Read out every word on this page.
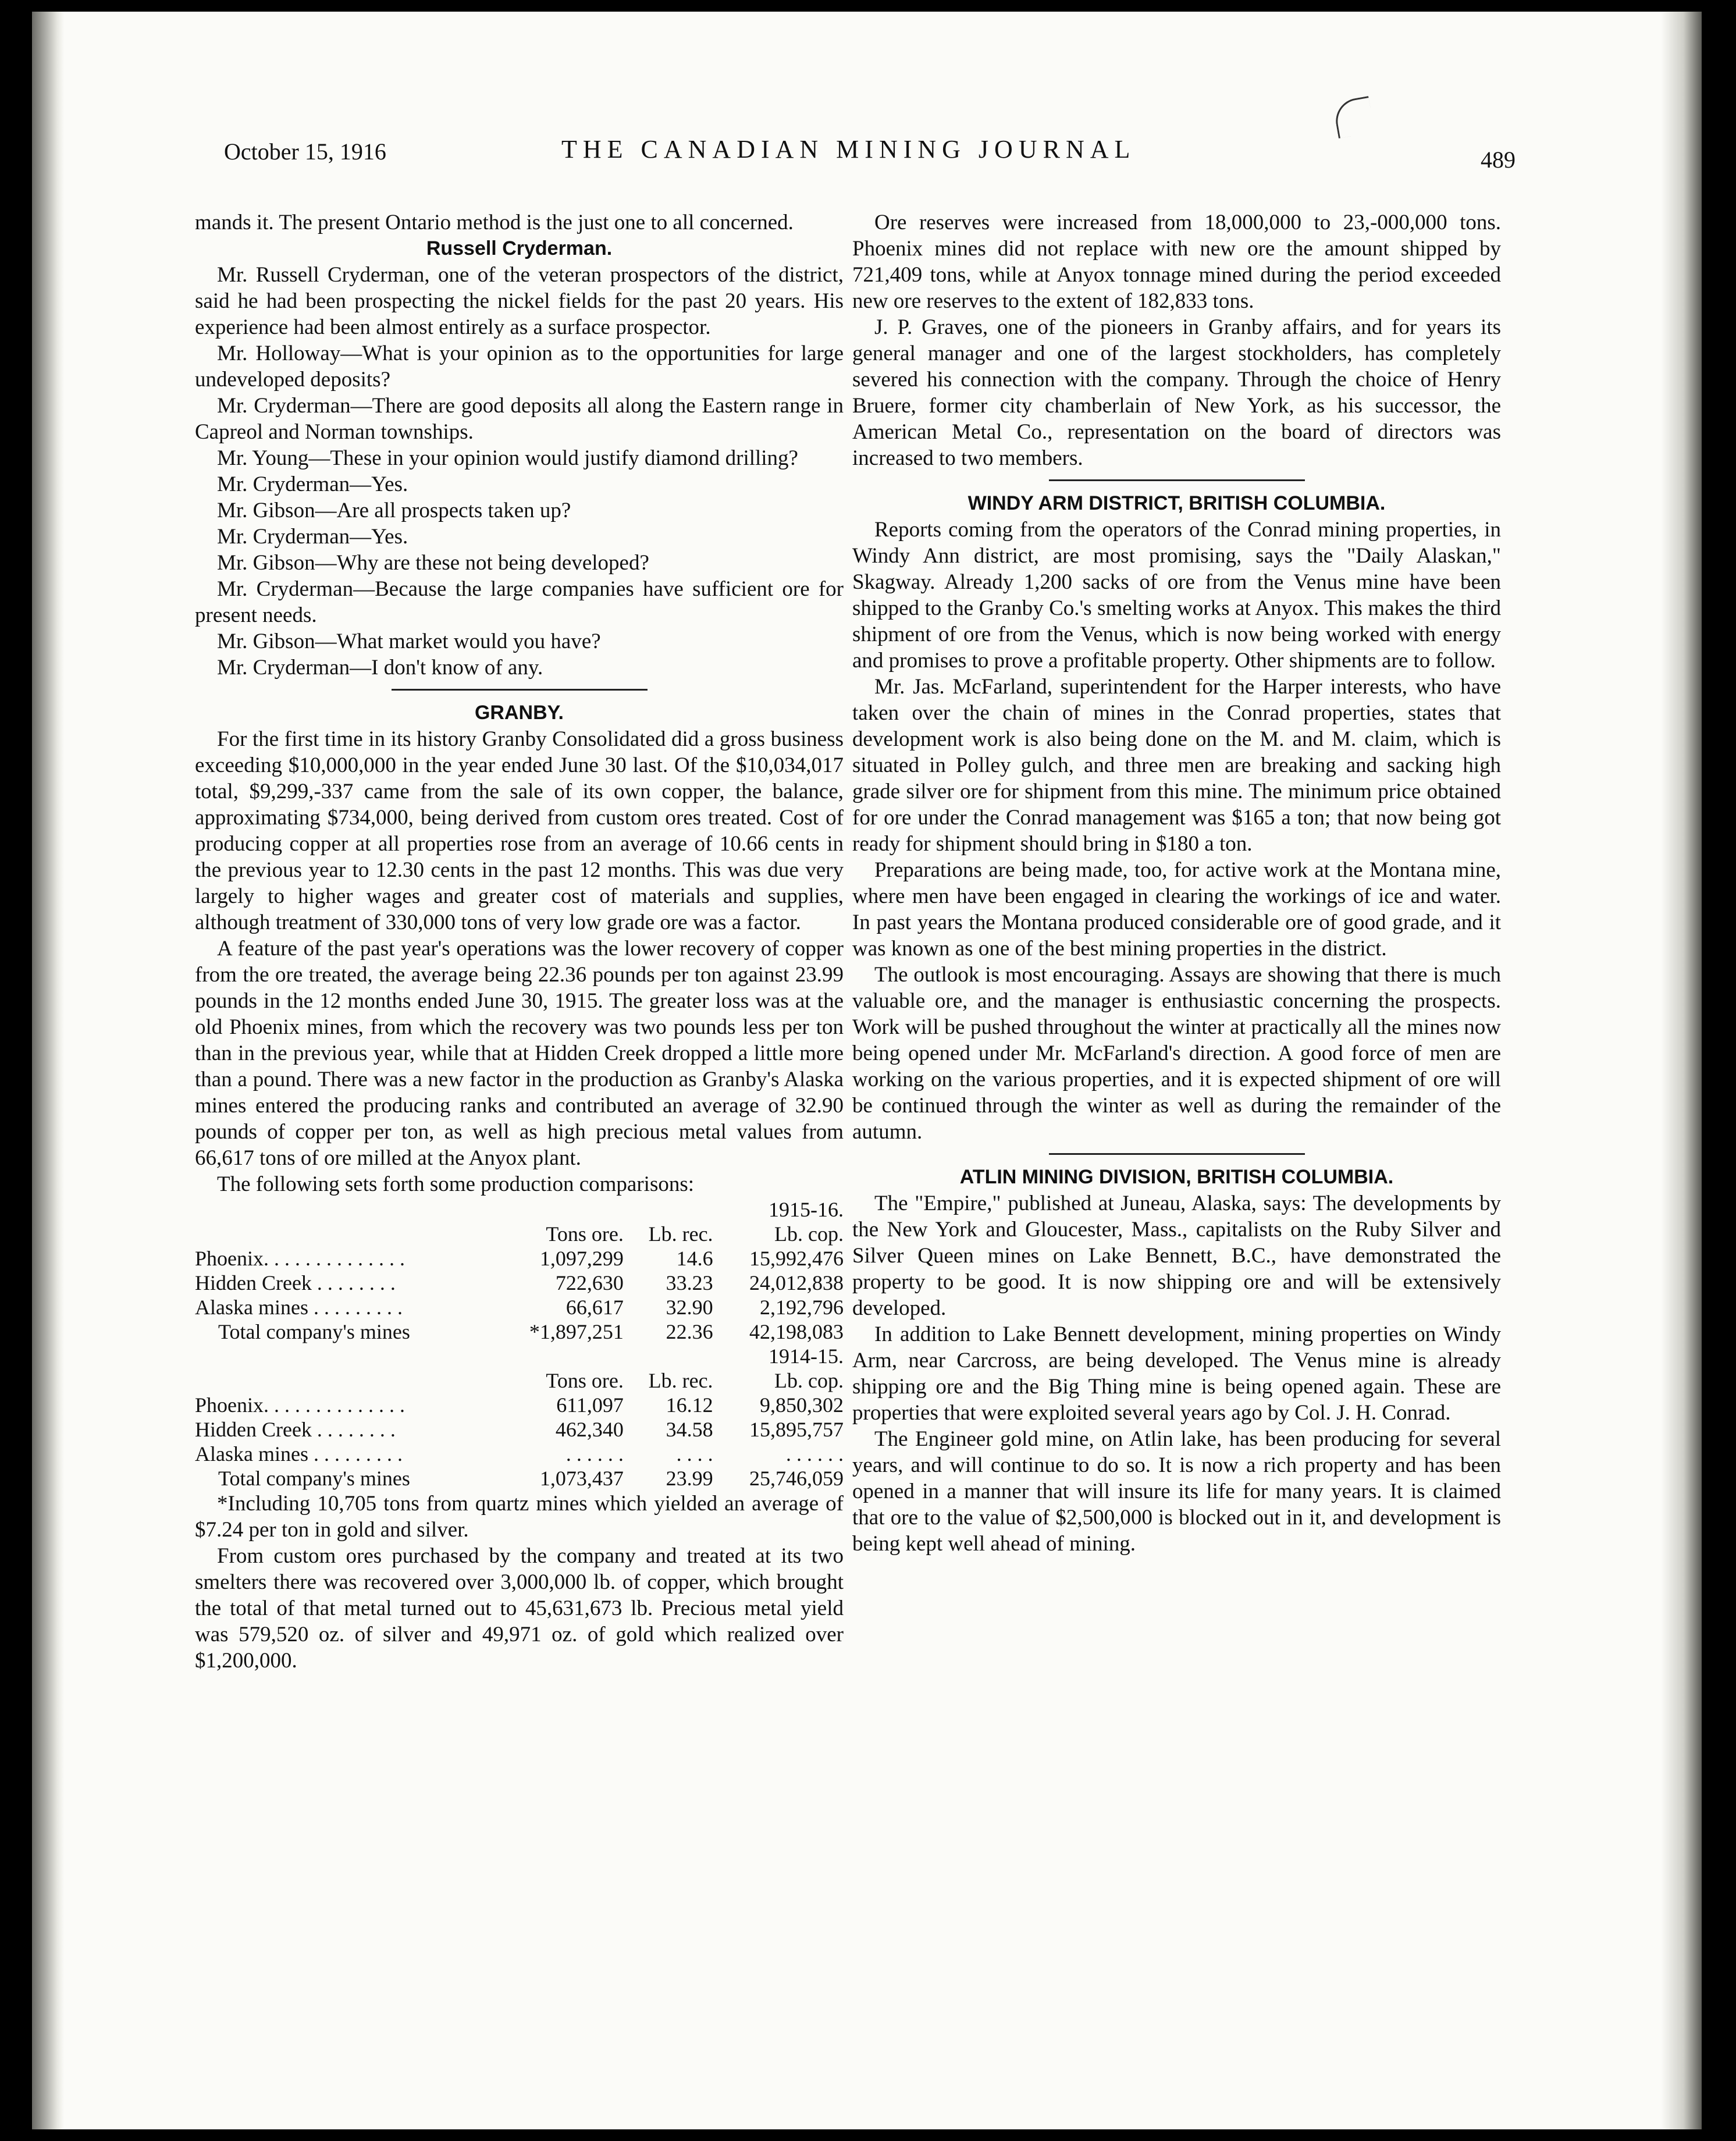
October 15, 1916	THE CANADIAN MINING JOURNAL	489

mands it. The present Ontario method is the just one to all concerned.

Russell Cryderman.

Mr. Russell Cryderman, one of the veteran prospectors of the district, said he had been prospecting the nickel fields for the past 20 years. His experience had been almost entirely as a surface prospector.

Mr. Holloway—What is your opinion as to the opportunities for large undeveloped deposits?

Mr. Cryderman—There are good deposits all along the Eastern range in Capreol and Norman townships.

Mr. Young—These in your opinion would justify diamond drilling?

Mr. Cryderman—Yes.

Mr. Gibson—Are all prospects taken up?

Mr. Cryderman—Yes.

Mr. Gibson—Why are these not being developed?

Mr. Cryderman—Because the large companies have sufficient ore for present needs.

Mr. Gibson—What market would you have?

Mr. Cryderman—I don't know of any.

GRANBY.

For the first time in its history Granby Consolidated did a gross business exceeding $10,000,000 in the year ended June 30 last. Of the $10,034,017 total, $9,299,-337 came from the sale of its own copper, the balance, approximating $734,000, being derived from custom ores treated. Cost of producing copper at all properties rose from an average of 10.66 cents in the previous year to 12.30 cents in the past 12 months. This was due very largely to higher wages and greater cost of materials and supplies, although treatment of 330,000 tons of very low grade ore was a factor.

A feature of the past year's operations was the lower recovery of copper from the ore treated, the average being 22.36 pounds per ton against 23.99 pounds in the 12 months ended June 30, 1915. The greater loss was at the old Phoenix mines, from which the recovery was two pounds less per ton than in the previous year, while that at Hidden Creek dropped a little more than a pound. There was a new factor in the production as Granby's Alaska mines entered the producing ranks and contributed an average of 32.90 pounds of copper per ton, as well as high precious metal values from 66,617 tons of ore milled at the Anyox plant.

The following sets forth some production comparisons:

	1915-16.		
	Tons ore.	Lb. rec.	Lb. cop.
Phoenix. . . . . . . . . . . . . .	1,097,299	14.6	15,992,476
Hidden Creek . . . . . . . .	722,630	33.23	24,012,838
Alaska mines . . . . . . . . .	66,617	32.90	2,192,796
Total company's mines	*1,897,251	22.36	42,198,083
	1914-15.		
	Tons ore.	Lb. rec.	Lb. cop.
Phoenix. . . . . . . . . . . . . .	611,097	16.12	9,850,302
Hidden Creek . . . . . . . .	462,340	34.58	15,895,757
Alaska mines . . . . . . . . .	. . . . . .	. . . .	. . . . . .
Total company's mines	1,073,437	23.99	25,746,059

*Including 10,705 tons from quartz mines which yielded an average of $7.24 per ton in gold and silver.

From custom ores purchased by the company and treated at its two smelters there was recovered over 3,000,000 lb. of copper, which brought the total of that metal turned out to 45,631,673 lb. Precious metal yield was 579,520 oz. of silver and 49,971 oz. of gold which realized over $1,200,000.

Ore reserves were increased from 18,000,000 to 23,-000,000 tons. Phoenix mines did not replace with new ore the amount shipped by 721,409 tons, while at Anyox tonnage mined during the period exceeded new ore reserves to the extent of 182,833 tons.

J. P. Graves, one of the pioneers in Granby affairs, and for years its general manager and one of the largest stockholders, has completely severed his connection with the company. Through the choice of Henry Bruere, former city chamberlain of New York, as his successor, the American Metal Co., representation on the board of directors was increased to two members.

WINDY ARM DISTRICT, BRITISH COLUMBIA.

Reports coming from the operators of the Conrad mining properties, in Windy Ann district, are most promising, says the "Daily Alaskan," Skagway. Already 1,200 sacks of ore from the Venus mine have been shipped to the Granby Co.'s smelting works at Anyox. This makes the third shipment of ore from the Venus, which is now being worked with energy and promises to prove a profitable property. Other shipments are to follow.

Mr. Jas. McFarland, superintendent for the Harper interests, who have taken over the chain of mines in the Conrad properties, states that development work is also being done on the M. and M. claim, which is situated in Polley gulch, and three men are breaking and sacking high grade silver ore for shipment from this mine. The minimum price obtained for ore under the Conrad management was $165 a ton; that now being got ready for shipment should bring in $180 a ton.

Preparations are being made, too, for active work at the Montana mine, where men have been engaged in clearing the workings of ice and water. In past years the Montana produced considerable ore of good grade, and it was known as one of the best mining properties in the district.

The outlook is most encouraging. Assays are showing that there is much valuable ore, and the manager is enthusiastic concerning the prospects. Work will be pushed throughout the winter at practically all the mines now being opened under Mr. McFarland's direction. A good force of men are working on the various properties, and it is expected shipment of ore will be continued through the winter as well as during the remainder of the autumn.

ATLIN MINING DIVISION, BRITISH COLUMBIA.

The "Empire," published at Juneau, Alaska, says: The developments by the New York and Gloucester, Mass., capitalists on the Ruby Silver and Silver Queen mines on Lake Bennett, B.C., have demonstrated the property to be good. It is now shipping ore and will be extensively developed.

In addition to Lake Bennett development, mining properties on Windy Arm, near Carcross, are being developed. The Venus mine is already shipping ore and the Big Thing mine is being opened again. These are properties that were exploited several years ago by Col. J. H. Conrad.

The Engineer gold mine, on Atlin lake, has been producing for several years, and will continue to do so. It is now a rich property and has been opened in a manner that will insure its life for many years. It is claimed that ore to the value of $2,500,000 is blocked out in it, and development is being kept well ahead of mining.
